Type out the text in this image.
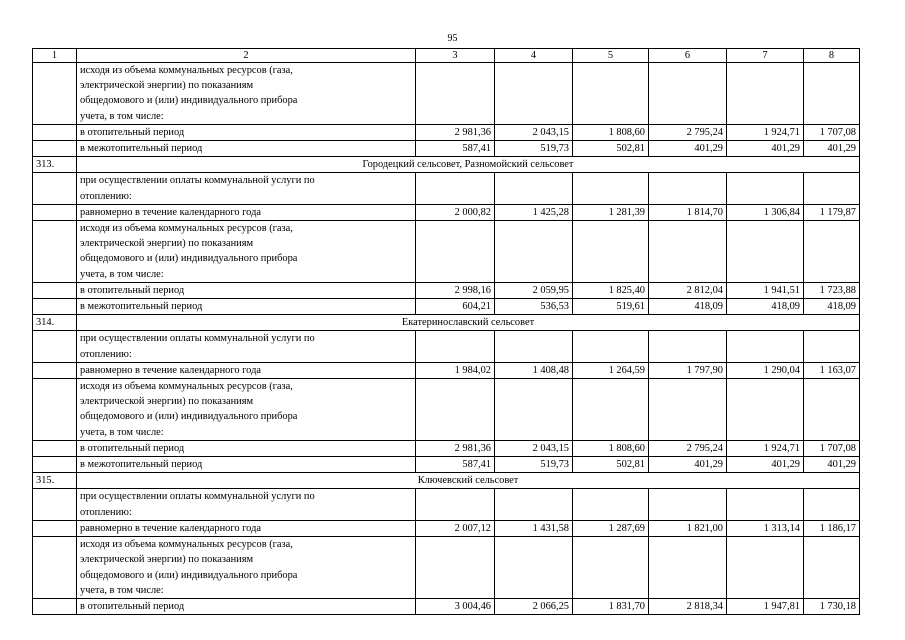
95
1	2	3	4	5	6	7	8

	исходя из объема коммунальных ресурсов (газа,
электрической энергии) по показаниям
общедомового и (или) индивидуального прибора
учета, в том числе:						

	в отопительный период	2 981,36	2 043,15	1 808,60	2 795,24	1 924,71	1 707,08
	в межотопительный период	587,41	519,73	502,81	401,29	401,29	401,29
313.	Городецкий сельсовет, Разномойский сельсовет						

	при осуществлении оплаты коммунальной услуги по
отоплению:						

	равномерно в течение календарного года	2 000,82	1 425,28	1 281,39	1 814,70	1 306,84	1 179,87

	исходя из объема коммунальных ресурсов (газа,
электрической энергии) по показаниям
общедомового и (или) индивидуального прибора
учета, в том числе:						

	в отопительный период	2 998,16	2 059,95	1 825,40	2 812,04	1 941,51	1 723,88
	в межотопительный период	604,21	536,53	519,61	418,09	418,09	418,09
314.	Екатеринославский сельсовет						

	при осуществлении оплаты коммунальной услуги по
отоплению:						

	равномерно в течение календарного года	1 984,02	1 408,48	1 264,59	1 797,90	1 290,04	1 163,07

	исходя из объема коммунальных ресурсов (газа,
электрической энергии) по показаниям
общедомового и (или) индивидуального прибора
учета, в том числе:						

	в отопительный период	2 981,36	2 043,15	1 808,60	2 795,24	1 924,71	1 707,08
	в межотопительный период	587,41	519,73	502,81	401,29	401,29	401,29
315.	Ключевский сельсовет						

	при осуществлении оплаты коммунальной услуги по
отоплению:						

	равномерно в течение календарного года	2 007,12	1 431,58	1 287,69	1 821,00	1 313,14	1 186,17

	исходя из объема коммунальных ресурсов (газа,
электрической энергии) по показаниям
общедомового и (или) индивидуального прибора
учета, в том числе:						

	в отопительный период	3 004,46	2 066,25	1 831,70	2 818,34	1 947,81	1 730,18
